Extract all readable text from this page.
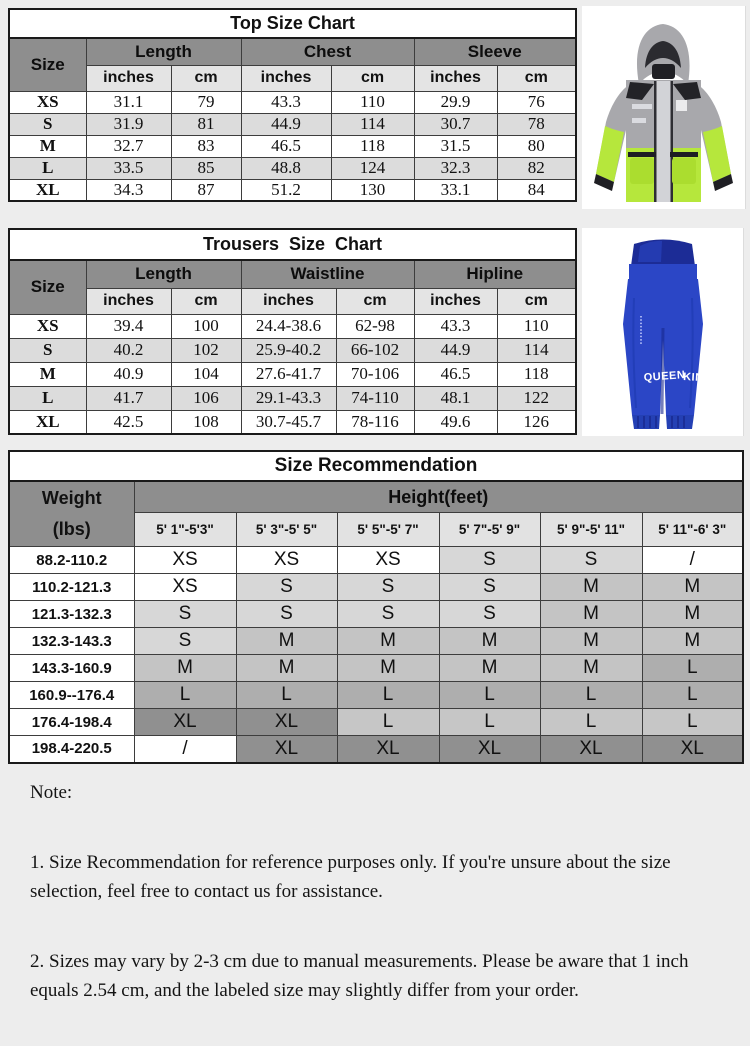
Top Size Chart						
Size	Length		Chest		Sleeve	
	inches	cm	inches	cm	inches	cm
XS	31.1	79	43.3	110	29.9	76
S	31.9	81	44.9	114	30.7	78
M	32.7	83	46.5	118	31.5	80
L	33.5	85	48.8	124	32.3	82
XL	34.3	87	51.2	130	33.1	84
Trousers  Size  Chart						
Size	Length		Waistline		Hipline	
	inches	cm	inches	cm	inches	cm
XS	39.4	100	24.4-38.6	62-98	43.3	110
S	40.2	102	25.9-40.2	66-102	44.9	114
M	40.9	104	27.6-41.7	70-106	46.5	118
L	41.7	106	29.1-43.3	74-110	48.1	122
XL	42.5	108	30.7-45.7	78-116	49.6	126
QUEEN
KING
Size Recommendation						

Weight
(lbs)	Height(feet)					
	5' 1"-5'3"	5' 3"-5' 5"	5' 5"-5' 7"	5' 7"-5' 9"	5' 9"-5' 11"	5' 11"-6' 3"
88.2-110.2	XS	XS	XS	S	S	/
110.2-121.3	XS	S	S	S	M	M
121.3-132.3	S	S	S	S	M	M
132.3-143.3	S	M	M	M	M	M
143.3-160.9	M	M	M	M	M	L
160.9--176.4	L	L	L	L	L	L
176.4-198.4	XL	XL	L	L	L	L
198.4-220.5	/	XL	XL	XL	XL	XL
Note:

1. Size Recommendation for reference purposes only. If you're unsure about the size selection, feel free to contact us for assistance.

2. Sizes may vary by 2-3 cm due to manual measurements. Please be aware that 1 inch equals 2.54 cm, and the labeled size may slightly differ from your order.
